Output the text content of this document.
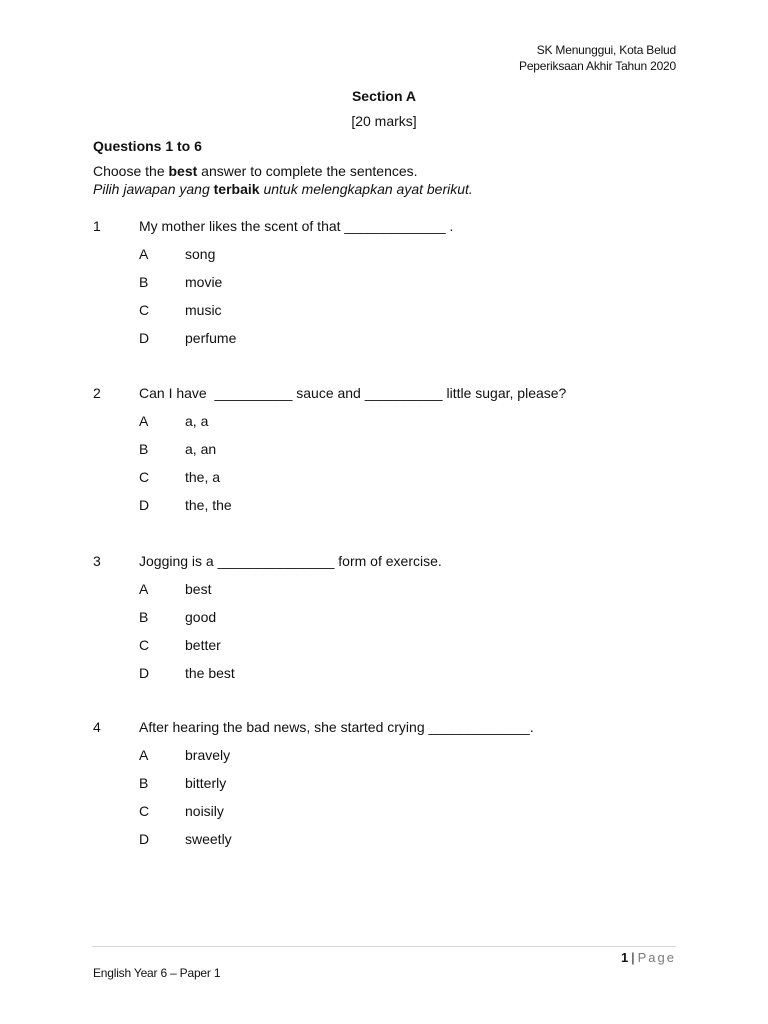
SK Menunggui, Kota Belud
Peperiksaan Akhir Tahun 2020
Section A
[20 marks]
Questions 1 to 6
Choose the best answer to complete the sentences.
Pilih jawapan yang terbaik untuk melengkapkan ayat berikut.
1	My mother likes the scent of that _____________ .
A	song
B	movie
C	music
D	perfume
2	Can I have  __________ sauce and __________ little sugar, please?
A	a, a
B	a, an
C	the, a
D	the, the
3	Jogging is a _______________ form of exercise.
A	best
B	good
C	better
D	the best
4	After hearing the bad news, she started crying _____________.
A	bravely
B	bitterly
C	noisily
D	sweetly
1 | Page
English Year 6 – Paper 1
